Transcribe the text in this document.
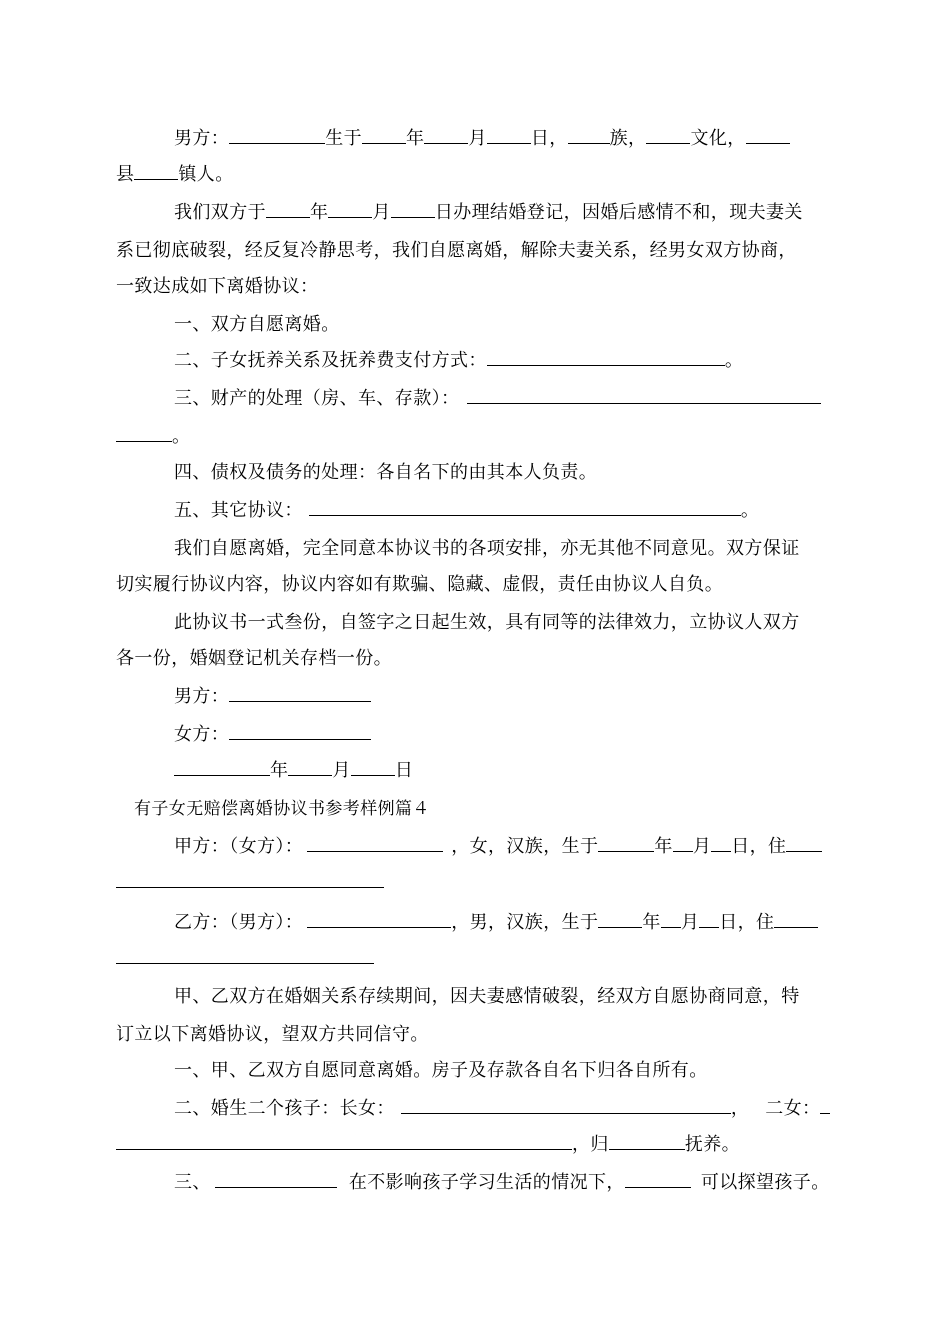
男方：	生于 年 月 日， 族， 文化，
县 镇人。
我们双方于 年 月 日办理结婚登记，因婚后感情不和，现夫妻关
系已彻底破裂，经反复冷静思考，我们自愿离婚，解除夫妻关系，经男女双方协商，
一致达成如下离婚协议：
一、双方自愿离婚。
二、子女抚养关系及抚养费支付方式：	。
三、财产的处理（房、车、存款）：
。
四、债权及债务的处理：各自名下的由其本人负责。
五、其它协议：	。
我们自愿离婚，完全同意本协议书的各项安排，亦无其他不同意见。双方保证
切实履行协议内容，协议内容如有欺骗、隐藏、虚假，责任由协议人自负。
此协议书一式叁份，自签字之日起生效，具有同等的法律效力，立协议人双方
各一份，婚姻登记机关存档一份。
男方：
女方：
年 月 日
有子女无赔偿离婚协议书参考样例篇４
甲方：（女方）：	，女，汉族，生于	年 月 日，住
乙方：（男方）：	，男，汉族，生于 年 月 日，住
甲、乙双方在婚姻关系存续期间，因夫妻感情破裂，经双方自愿协商同意，特
订立以下离婚协议，望双方共同信守。
一、甲、乙双方自愿同意离婚。房子及存款各自名下归各自所有。
二、婚生二个孩子：长女：	， 二女：
，归	抚养。
三、	在不影响孩子学习生活的情况下，	可以探望孩子。
